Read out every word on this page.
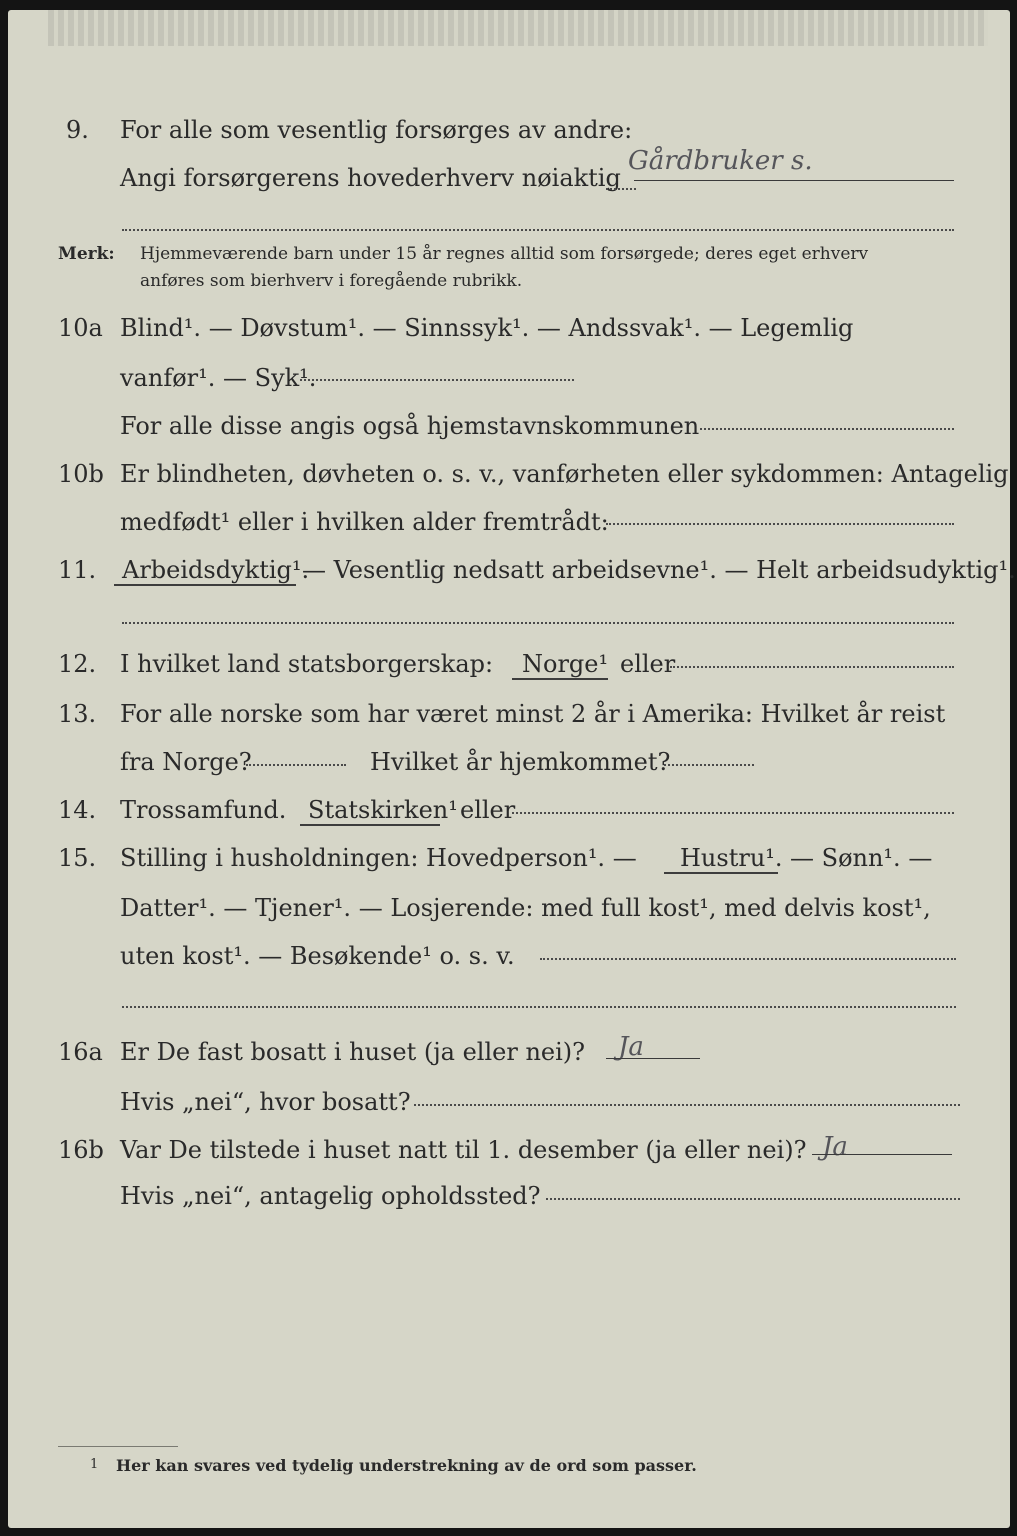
9. For alle som vesentlig forsørges av andre:
Angi forsørgerens hovederhverv nøiaktig
Gårdbruker s.
Merk: Hjemmeværende barn under 15 år regnes alltid som forsørgede; deres eget erhverv
anføres som bierhverv i foregående rubrikk.
10a Blind¹. — Døvstum¹. — Sinnssyk¹. — Andssvak¹. — Legemlig
vanfør¹. — Syk¹.
For alle disse angis også hjemstavnskommunen
10b Er blindheten, døvheten o. s. v., vanførheten eller sykdommen: Antagelig
medfødt¹ eller i hvilken alder fremtrådt:
11. Arbeidsdyktig¹.
— Vesentlig nedsatt arbeidsevne¹. — Helt arbeidsudyktig¹.
12. I hvilket land statsborgerskap: Norge¹ eller
13. For alle norske som har været minst 2 år i Amerika: Hvilket år reist
fra Norge?	Hvilket år hjemkommet?
14. Trossamfund. Statskirken¹ eller
15. Stilling i husholdningen: Hovedperson¹. — Hustru¹. — Sønn¹. —
Datter¹. — Tjener¹. — Losjerende: med full kost¹, med delvis kost¹,
uten kost¹. — Besøkende¹ o. s. v.
16a Er De fast bosatt i huset (ja eller nei)? Ja
Hvis „nei“, hvor bosatt?
16b Var De tilstede i huset natt til 1. desember (ja eller nei)? Ja
Hvis „nei“, antagelig opholdssted?
1 Her kan svares ved tydelig understrekning av de ord som passer.
